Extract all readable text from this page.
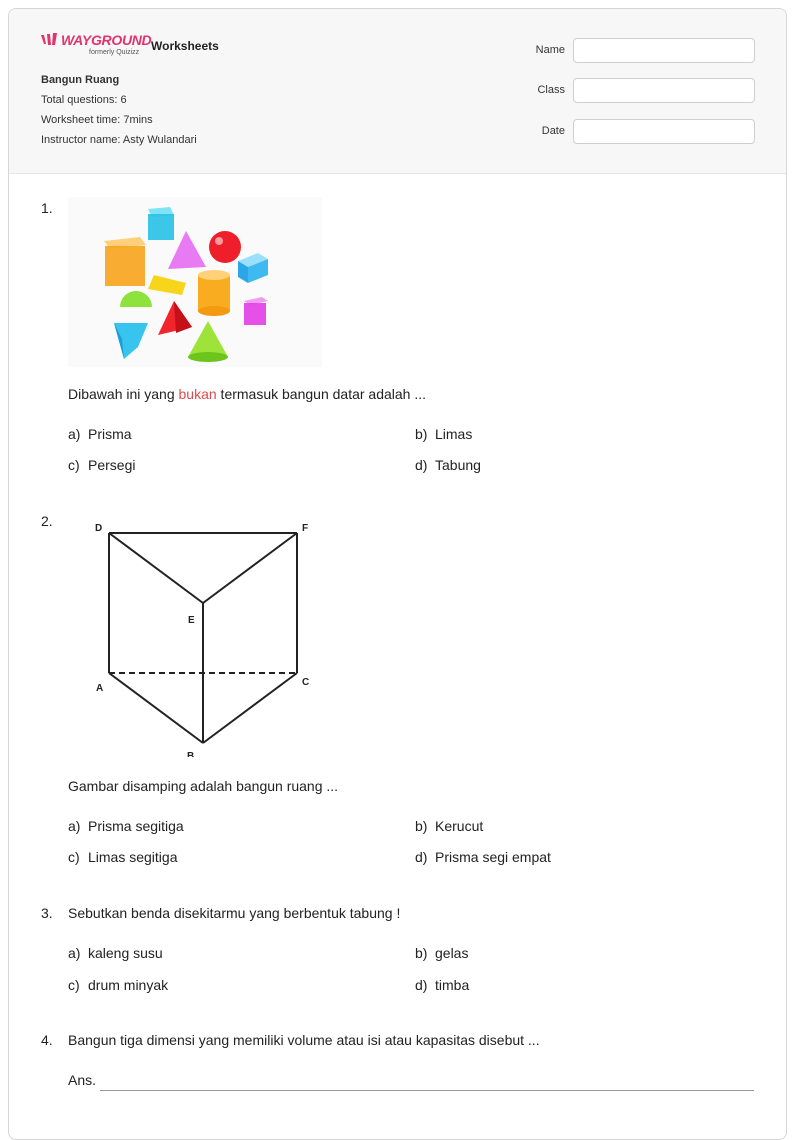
WAYGROUND
formerly Quizizz Worksheets
Bangun Ruang
Total questions: 6
Worksheet time: 7mins
Instructor name: Asty Wulandari
Name
Class
Date
1.
Dibawah ini yang bukan termasuk bangun datar adalah ...
a) Prisma	b) Limas
c) Persegi	d) Tabung
2.	D	F
E
A
C
B
Gambar disamping adalah bangun ruang ...
a) Prisma segitiga	b) Kerucut
c) Limas segitiga	d) Prisma segi empat
3. Sebutkan benda disekitarmu yang berbentuk tabung !
a) kaleng susu	b) gelas
c) drum minyak	d) timba
4. Bangun tiga dimensi yang memiliki volume atau isi atau kapasitas disebut ...
Ans.
